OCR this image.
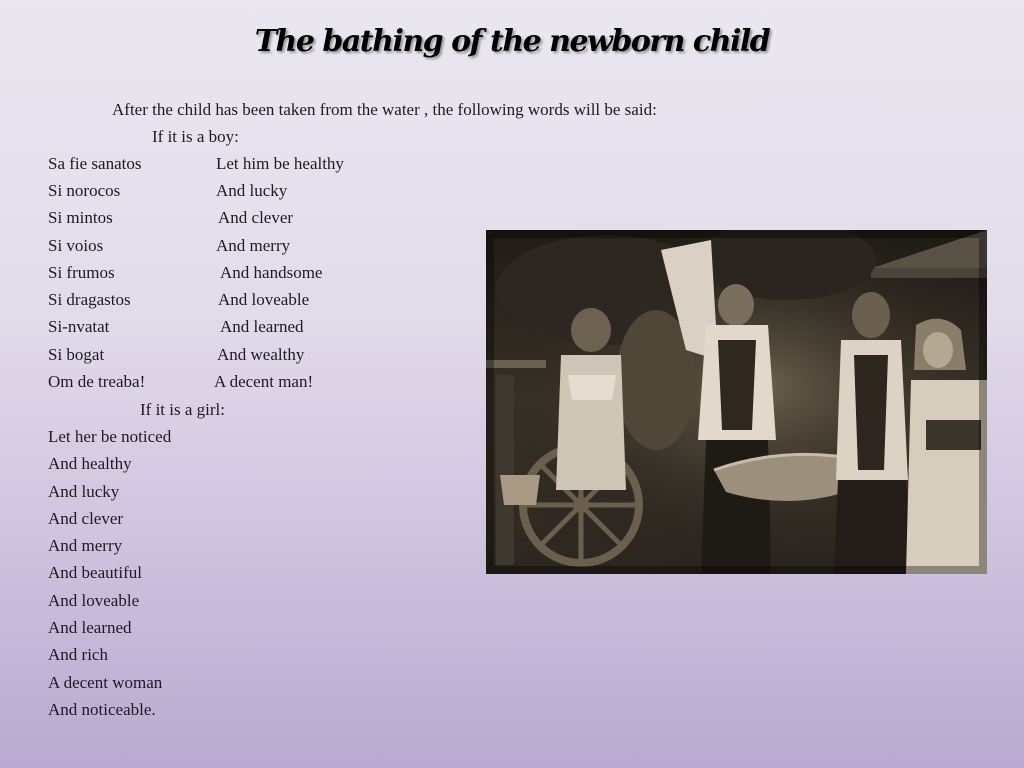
The bathing of the newborn child
After the child has been taken from the water , the following words will be said:
If it is a boy:
Sa fie sanatos	Let him be healthy
Si norocos	And lucky
Si mintos	And clever
Si voios	And merry
Si frumos	And handsome
Si dragastos	And loveable
Si-nvatat	And learned
Si bogat	And wealthy
Om de treaba!	A decent man!
If it is a girl:
Let her be noticed
And healthy
And lucky
And clever
And merry
And beautiful
And loveable
And learned
And rich
A decent woman
And noticeable.
